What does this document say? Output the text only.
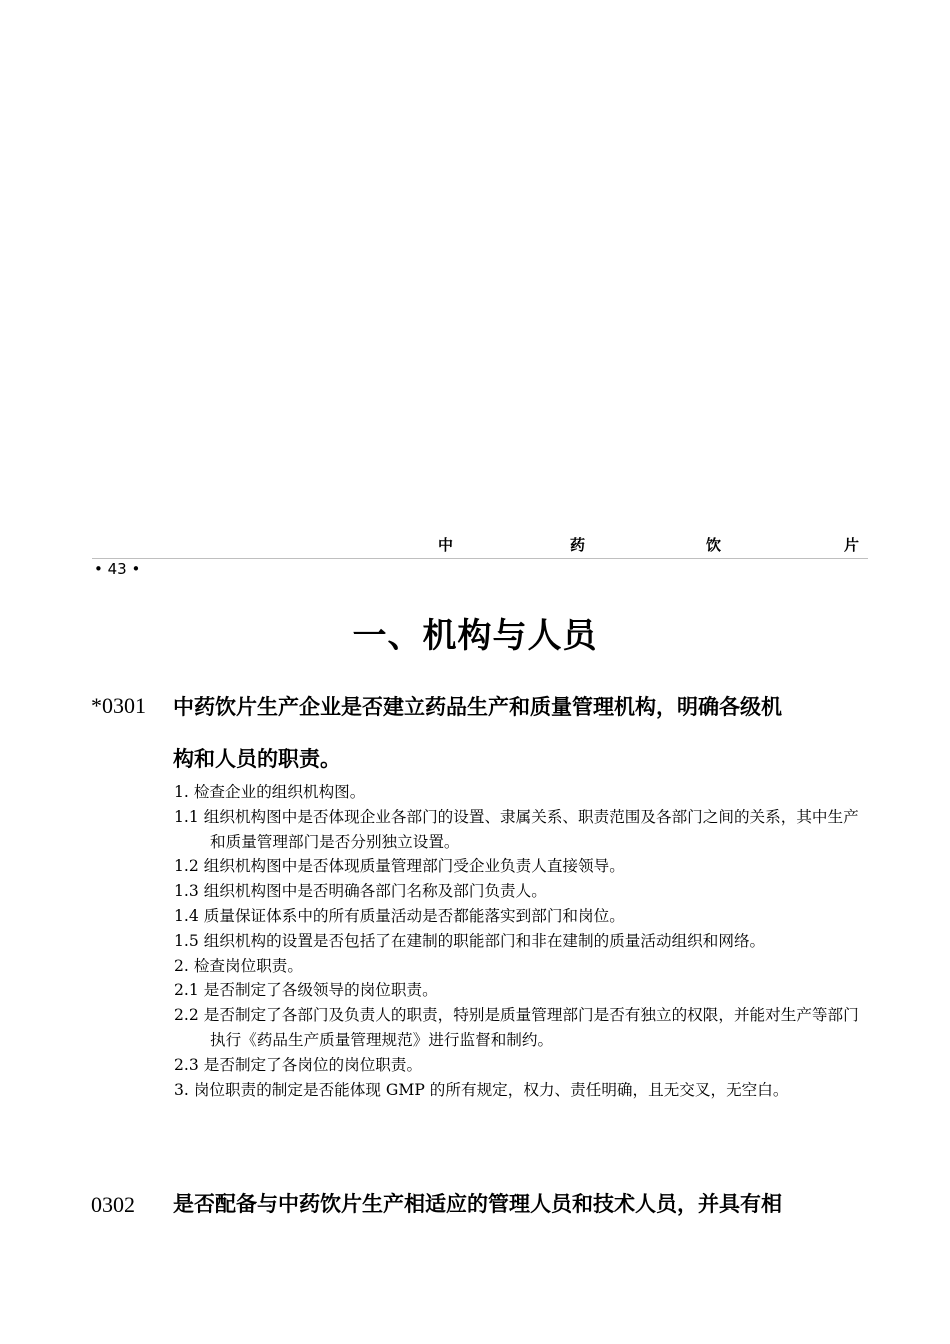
中	药	饮	片
• 43 •
一、机构与人员
*0301 中药饮片生产企业是否建立药品生产和质量管理机构，明确各级机
构和人员的职责。
1. 检查企业的组织机构图。
1.1 组织机构图中是否体现企业各部门的设置、隶属关系、职责范围及各部门之间的关系，其中生产和质量管理部门是否分别独立设置。
1.2 组织机构图中是否体现质量管理部门受企业负责人直接领导。
1.3 组织机构图中是否明确各部门名称及部门负责人。
1.4 质量保证体系中的所有质量活动是否都能落实到部门和岗位。
1.5 组织机构的设置是否包括了在建制的职能部门和非在建制的质量活动组织和网络。
2. 检查岗位职责。
2.1 是否制定了各级领导的岗位职责。
2.2 是否制定了各部门及负责人的职责，特别是质量管理部门是否有独立的权限，并能对生产等部门执行《药品生产质量管理规范》进行监督和制约。
2.3 是否制定了各岗位的岗位职责。
3. 岗位职责的制定是否能体现 GMP 的所有规定，权力、责任明确，且无交叉，无空白。
0302 是否配备与中药饮片生产相适应的管理人员和技术人员，并具有相
